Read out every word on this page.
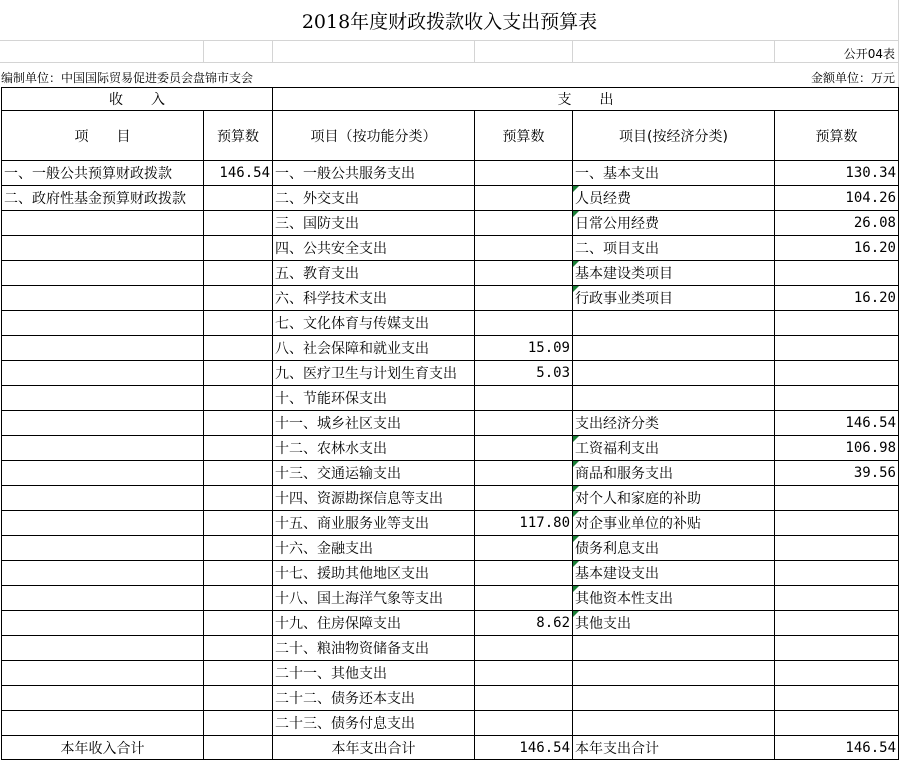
2018年度财政拨款收入支出预算表
公开04表
编制单位：中国国际贸易促进委员会盘锦市支会	金额单位：万元
收　　入		支　　出			
项　　目	预算数	项目（按功能分类）	预算数	项目(按经济分类)	预算数
一、一般公共预算财政拨款	146.54	一、一般公共服务支出		一、基本支出	130.34
二、政府性基金预算财政拨款		二、外交支出		人员经费	104.26
		三、国防支出		日常公用经费	26.08
		四、公共安全支出		二、项目支出	16.20
		五、教育支出		基本建设类项目	
		六、科学技术支出		行政事业类项目	16.20
		七、文化体育与传媒支出			
		八、社会保障和就业支出	15.09		
		九、医疗卫生与计划生育支出	5.03		
		十、节能环保支出			
		十一、城乡社区支出		支出经济分类	146.54
		十二、农林水支出		工资福利支出	106.98
		十三、交通运输支出		商品和服务支出	39.56
		十四、资源勘探信息等支出		对个人和家庭的补助	
		十五、商业服务业等支出	117.80	对企事业单位的补贴	
		十六、金融支出		债务利息支出	
		十七、援助其他地区支出		基本建设支出	
		十八、国土海洋气象等支出		其他资本性支出	
		十九、住房保障支出	8.62	其他支出	
		二十、粮油物资储备支出			
		二十一、其他支出			
		二十二、债务还本支出			
		二十三、债务付息支出			
本年收入合计		本年支出合计	146.54	本年支出合计	146.54
